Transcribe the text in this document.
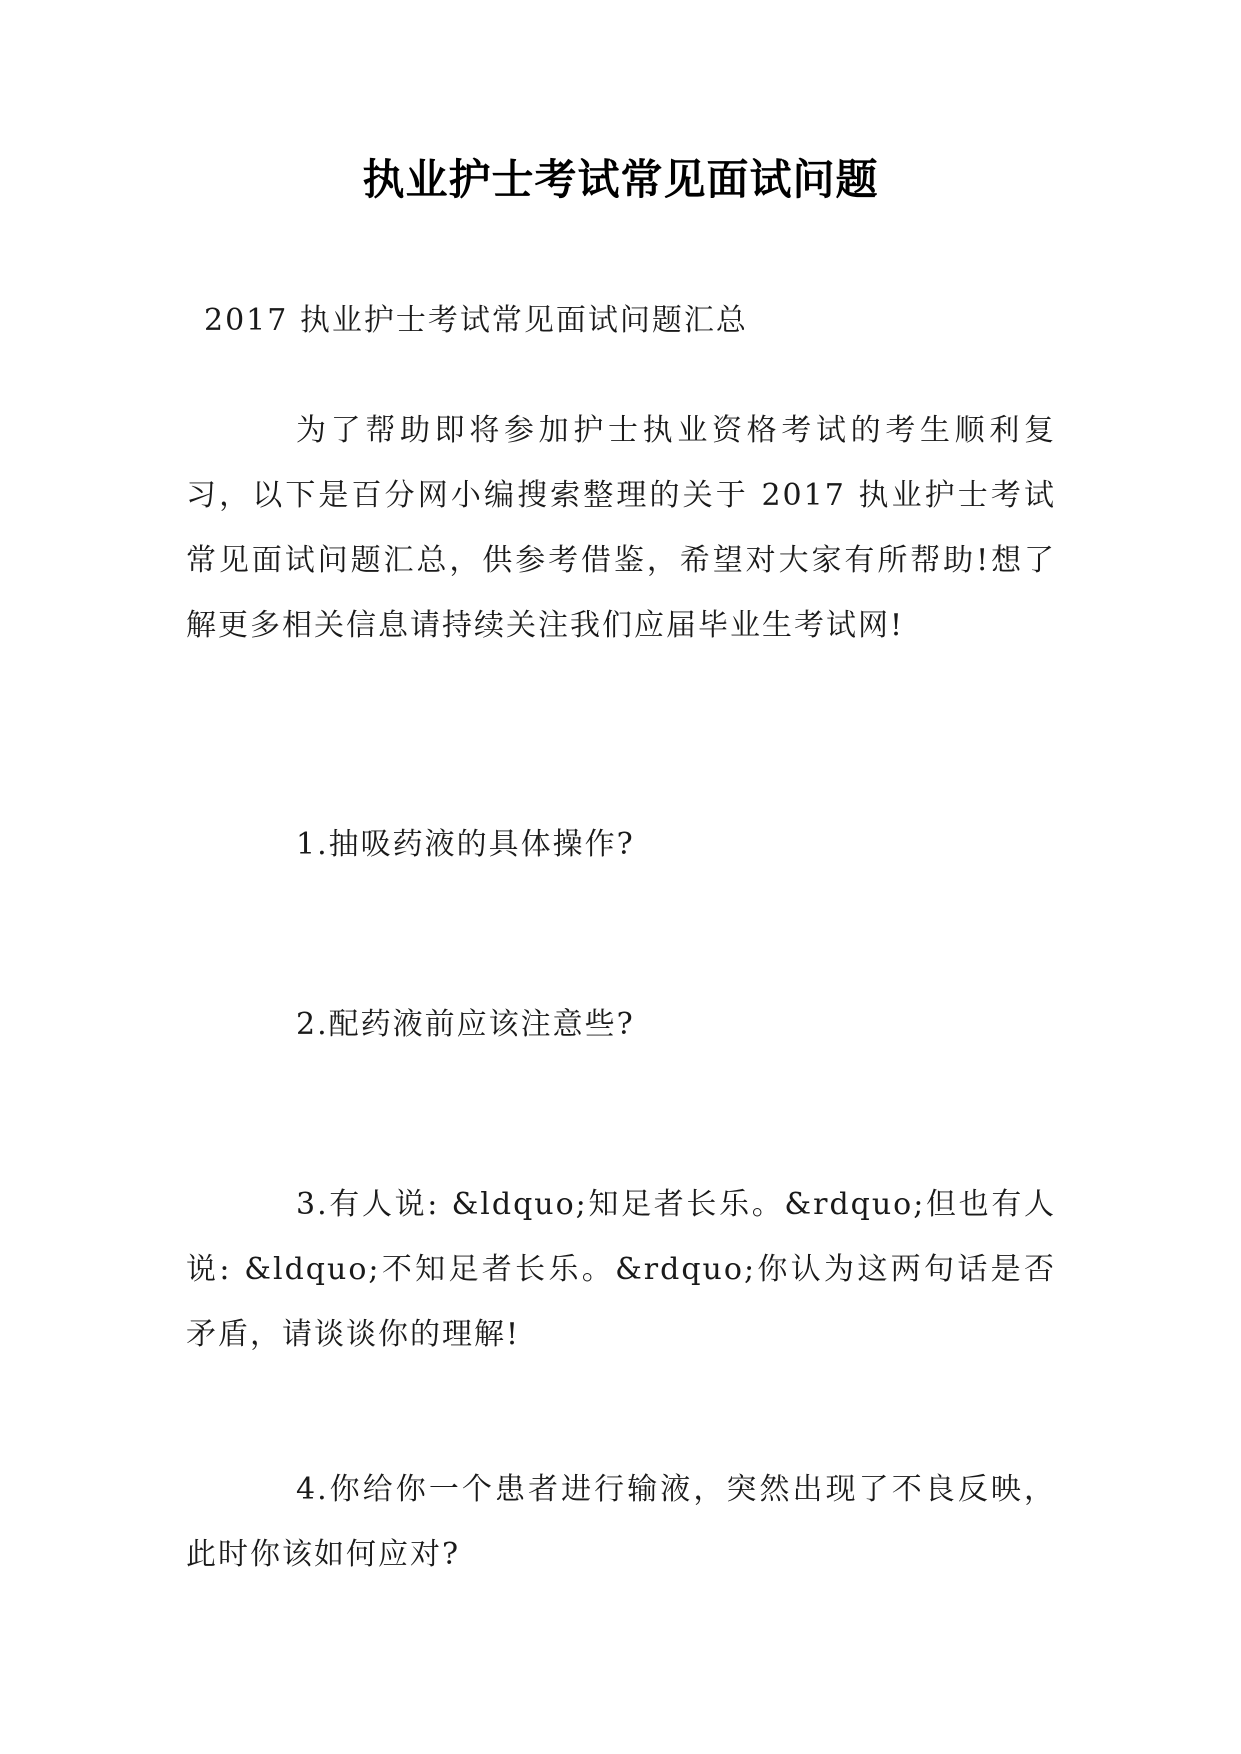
执业护士考试常见面试问题
2017 执业护士考试常见面试问题汇总
为了帮助即将参加护士执业资格考试的考生顺利复习，以下是百分网小编搜索整理的关于 2017 执业护士考试常见面试问题汇总，供参考借鉴，希望对大家有所帮助!想了解更多相关信息请持续关注我们应届毕业生考试网!
1.抽吸药液的具体操作?
2.配药液前应该注意些?
3.有人说: &ldquo;知足者长乐。&rdquo;但也有人说: &ldquo;不知足者长乐。&rdquo;你认为这两句话是否矛盾，请谈谈你的理解!
4.你给你一个患者进行输液，突然出现了不良反映，此时你该如何应对?
